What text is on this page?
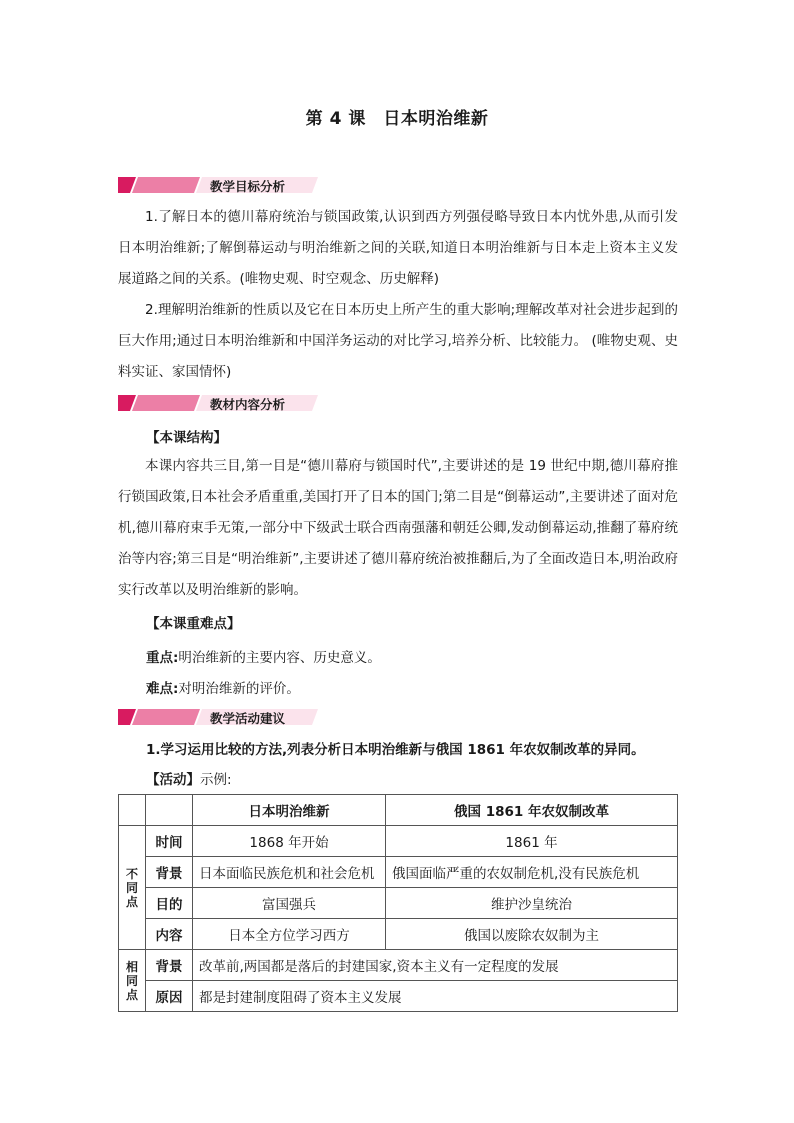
第 4 课　日本明治维新
教学目标分析

1.了解日本的德川幕府统治与锁国政策,认识到西方列强侵略导致日本内忧外患,从而引发日本明治维新;了解倒幕运动与明治维新之间的关联,知道日本明治维新与日本走上资本主义发展道路之间的关系。(唯物史观、时空观念、历史解释)

2.理解明治维新的性质以及它在日本历史上所产生的重大影响;理解改革对社会进步起到的巨大作用;通过日本明治维新和中国洋务运动的对比学习,培养分析、比较能力。 (唯物史观、史料实证、家国情怀)

教材内容分析
【本课结构】

本课内容共三目,第一目是“德川幕府与锁国时代”,主要讲述的是 19 世纪中期,德川幕府推行锁国政策,日本社会矛盾重重,美国打开了日本的国门;第二目是“倒幕运动”,主要讲述了面对危机,德川幕府束手无策,一部分中下级武士联合西南强藩和朝廷公卿,发动倒幕运动,推翻了幕府统治等内容;第三目是“明治维新”,主要讲述了德川幕府统治被推翻后,为了全面改造日本,明治政府实行改革以及明治维新的影响。

【本课重难点】
重点:明治维新的主要内容、历史意义。
难点:对明治维新的评价。
教学活动建议
1.学习运用比较的方法,列表分析日本明治维新与俄国 1861 年农奴制改革的异同。
【活动】示例:
		日本明治维新	俄国 1861 年农奴制改革

不
同
点	时间	1868 年开始	1861 年
	背景	日本面临民族危机和社会危机	俄国面临严重的农奴制危机,没有民族危机
	目的	富国强兵	维护沙皇统治
	内容	日本全方位学习西方	俄国以废除农奴制为主

相
同
点	背景	改革前,两国都是落后的封建国家,资本主义有一定程度的发展	
	原因	都是封建制度阻碍了资本主义发展	
